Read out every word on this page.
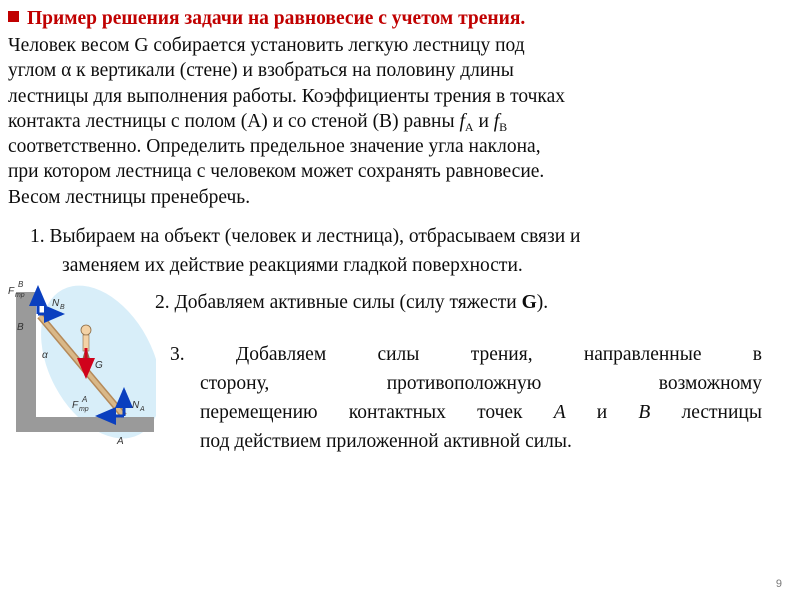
Пример решения задачи на равновесие с учетом трения.
Человек весом G собирается установить легкую лестницу под
углом α к вертикали (стене) и взобраться на половину длины
лестницы для выполнения работы. Коэффициенты трения в точках
контакта лестницы с полом (A) и со стеной (B) равны $f_A$ и $f_B$
соответственно. Определить предельное значение угла наклона,
при котором лестница с человеком может сохранять равновесие.
Весом лестницы пренебречь.
1. Выбираем на объект (человек и лестница), отбрасываем связи и
заменяем их действие реакциями гладкой поверхности.
2. Добавляем активные силы (силу тяжести G).
3.	Добавляем	силы	трения,	направленные	в
сторону,	противоположную	возможному
перемещению контактных точек A и B лестницы
под действием приложенной активной силы.
F тр
B
N B
B
α
G
F тр
A
N A
A
9
